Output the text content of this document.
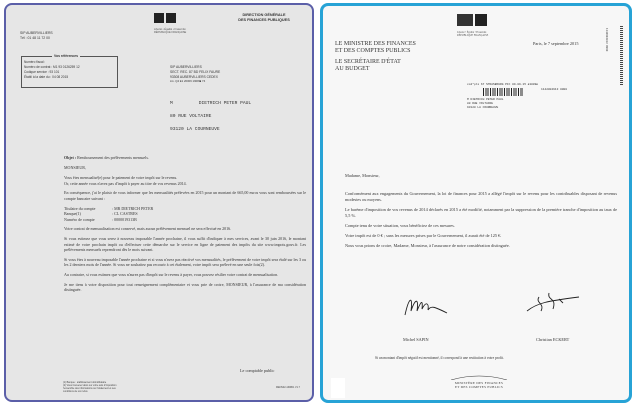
Liberté • Égalité • Fraternité
RÉPUBLIQUE FRANÇAISE
DIRECTION GÉNÉRALE
DES FINANCES PUBLIQUES
SIP AUBERVILLIERS
Tél : 01 48 11 72 00
Vos références
Numéro fiscal :
Numéro de contrat : M1 93 0126259 12
Codique service : 93 101
Établi à la date du : 04 08 2015
SIP AUBERVILLIERS
SECT. REC. 87 BD FELIX FAURE
93308 AUBERVILLIERS CEDEX
LG. Q4 E1 20006 1908I■ 74
M	DIETRICH PETER PAUL
80 RUE VOLTAIRE
93120 LA COURNEUVE

Objet : Remboursement des prélèvements mensuels.

MONSIEUR,

Vous êtes mensualisé(e) pour le paiement de votre impôt sur le revenu.

Or, cette année vous n'avez pas d'impôt à payer au titre de vos revenus 2014.

En conséquence, j'ai le plaisir de vous informer que les mensualités prélevées en 2015 pour un montant de 665,00 euros vous sont remboursées sur le compte bancaire suivant :

Titulaire du compte	: MR DIETRICH PETER
Banque(1)	: CL CASTRES
Numéro de compte	: 0000019313B

Votre contrat de mensualisation est conservé, mais aucun prélèvement mensuel ne sera effectué en 2016.

Si vous estimez que vous serez à nouveau imposable l'année prochaine, il vous suffit d'indiquer à mes services, avant le 30 juin 2016, le montant estimé de votre prochain impôt ou d'effectuer cette démarche sur le service en ligne de paiement des impôts du site www.impots.gouv.fr. Les prélèvements mensuels reprendront dès le mois suivant.

Si vous êtes à nouveau imposable l'année prochaine et si vous n'avez pas réactivé vos mensualités, le prélèvement de votre impôt sera étalé sur les 3 ou les 2 derniers mois de l'année. Si vous ne souhaitez pas recourir à cet étalement, votre impôt sera prélevé en une seule fois(2).

Au contraire, si vous estimez que vous n'aurez pas d'impôt sur le revenu à payer, vous pouvez résilier votre contrat de mensualisation.

Je me tiens à votre disposition pour tout renseignement complémentaire et vous prie de croire, MONSIEUR, à l'assurance de ma considération distinguée.

Le comptable public
(1) Banque : établissement domiciliataire
(2) Vous trouverez alors sur votre avis d'imposition
l'ensemble des informations sur l'étalement et ses
conditions de son refus
MENS02-160801 V1.7
Liberté • Égalité • Fraternité
RÉPUBLIQUE FRANÇAISE
LE MINISTRE DES FINANCES
ET DES COMPTES PUBLICS
LE SECRÉTAIRE D'ÉTAT
AU BUDGET
Paris, le 7 septembre 2015	1142004913 0000
ccd*pli 67 STRASBOURG PIC 09.09.15 £1009£
1142004913 0000
M DIETRICH PETER PAUL
80 RUE VOLTAIRE
93120 LA COURNEUVE

Madame, Monsieur,

Conformément aux engagements du Gouvernement, la loi de finances pour 2015 a allégé l'impôt sur le revenu pour les contribuables disposant de revenus modestes ou moyens.

Le barème d'imposition de vos revenus de 2014 déclarés en 2015 a été modifié, notamment par la suppression de la première tranche d'imposition au taux de 5,5 %.

Compte tenu de votre situation, vous bénéficiez de ces mesures.

Votre impôt est de 0 € ; sans les mesures prises par le Gouvernement, il aurait été de 125 €.

Nous vous prions de croire, Madame, Monsieur, à l'assurance de notre considération distinguée.

Michel SAPIN	Christian ECKERT
Si un montant d'impôt négatif est mentionné, il correspond à une restitution à votre profit.
MINISTÈRE DES FINANCES
ET DES COMPTES PUBLICS
